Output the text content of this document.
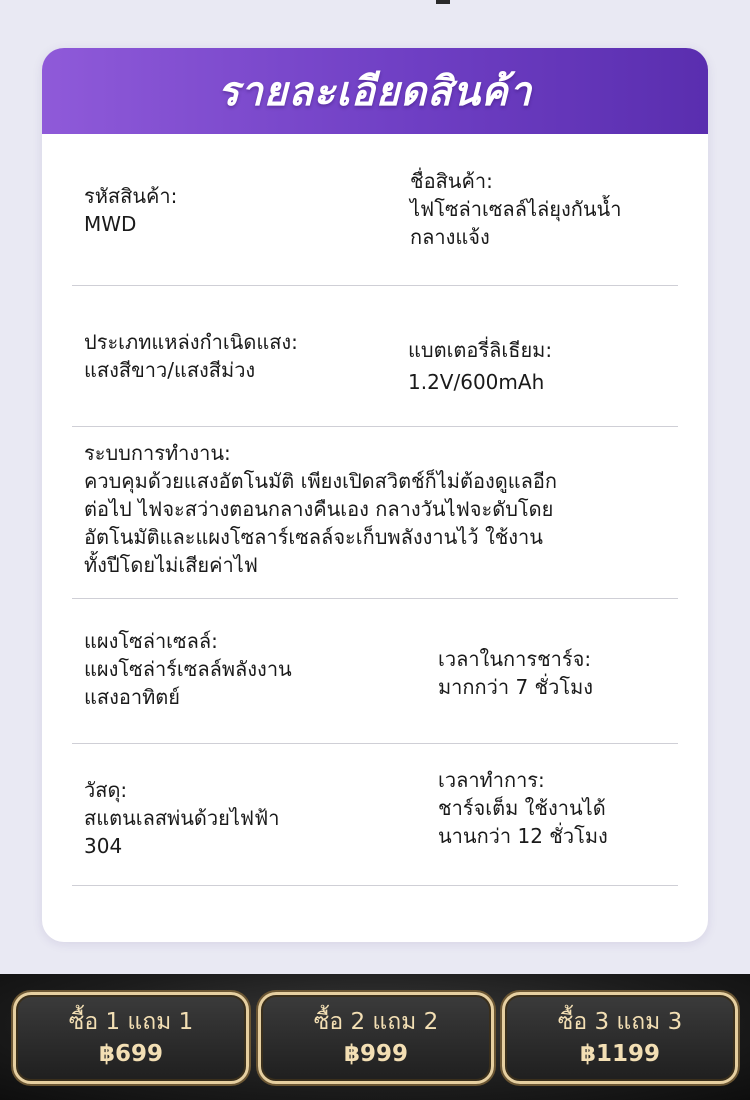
รายละเอียดสินค้า
รหัสสินค้า:
MWD
ชื่อสินค้า:
ไฟโซล่าเซลล์ไล่ยุงกันน้ำ
กลางแจ้ง
ประเภทแหล่งกำเนิดแสง:
แสงสีขาว/แสงสีม่วง
แบตเตอรี่ลิเธียม:
1.2V/600mAh
ระบบการทำงาน:
ควบคุมด้วยแสงอัตโนมัติ เพียงเปิดสวิตช์ก็ไม่ต้องดูแลอีก
ต่อไป ไฟจะสว่างตอนกลางคืนเอง กลางวันไฟจะดับโดย
อัตโนมัติและแผงโซลาร์เซลล์จะเก็บพลังงานไว้ ใช้งาน
ทั้งปีโดยไม่เสียค่าไฟ
แผงโซล่าเซลล์:
แผงโซล่าร์เซลล์พลังงาน
แสงอาทิตย์
เวลาในการชาร์จ:
มากกว่า 7 ชั่วโมง
วัสดุ:
สแตนเลสพ่นด้วยไฟฟ้า
304
เวลาทำการ:
ชาร์จเต็ม ใช้งานได้
นานกว่า 12 ชั่วโมง
ซื้อ 1 แถม 1
฿699
ซื้อ 2 แถม 2
฿999
ซื้อ 3 แถม 3
฿1199
